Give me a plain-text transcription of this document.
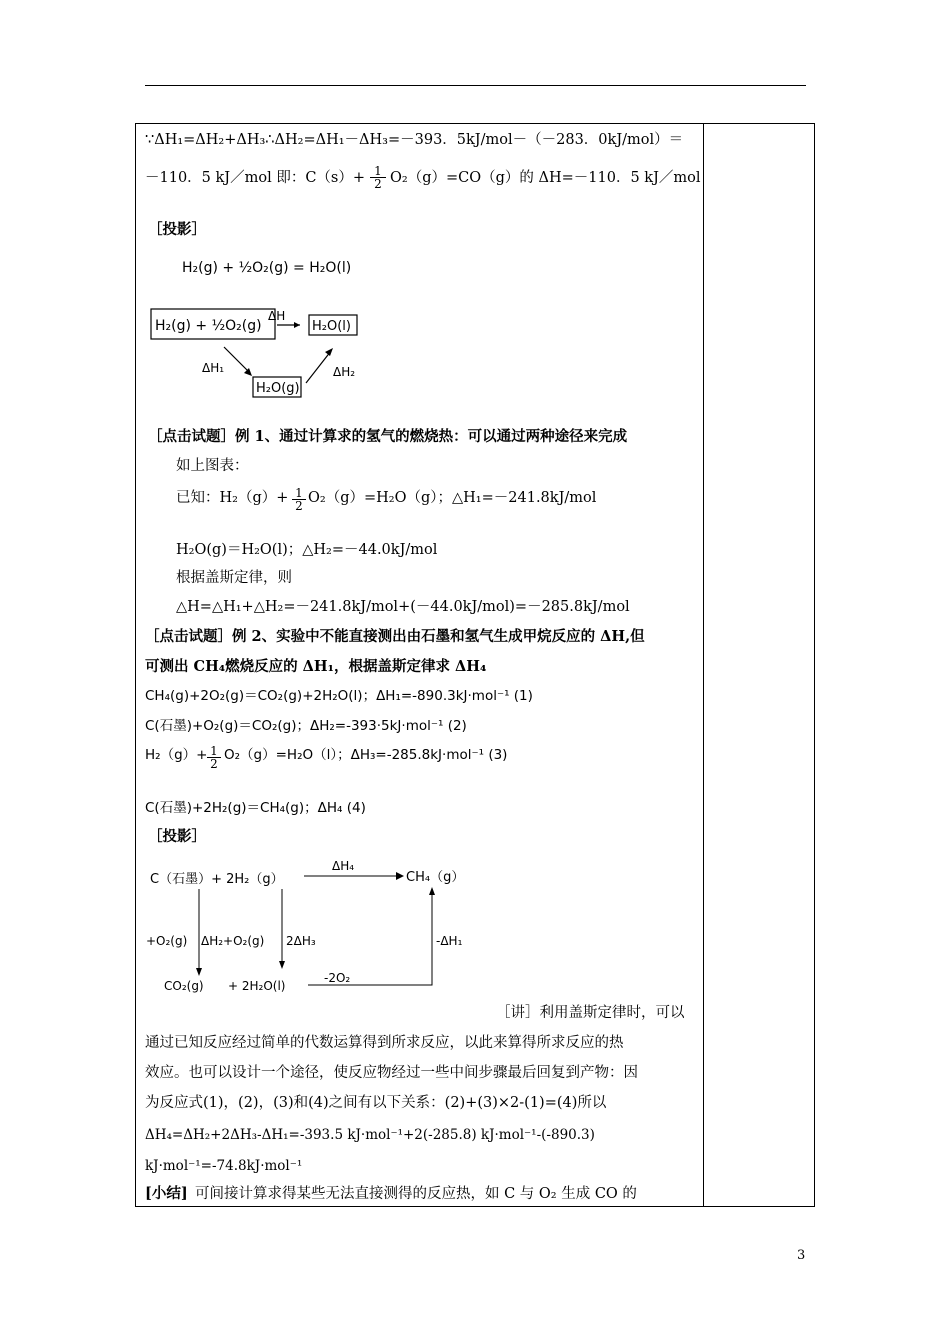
∵ΔH₁=ΔH₂+ΔH₃∴ΔH₂=ΔH₁－ΔH₃=－393．5kJ/mol－（－283．0kJ/mol）＝
－110．5 kJ／mol 即：$C(s)+ \frac{1}{2} O_2(g)=CO(g)$的 ΔH=－110．5 kJ／mol
［投影］
H₂(g) + ½O₂(g) = H₂O(l)
H₂(g) + ½O₂(g)
ΔH
H₂O(l)
ΔH₁
H₂O(g)
ΔH₂
［点击试题］例 1、通过计算求的氢气的燃烧热：可以通过两种途径来完成
如上图表：
已知：$H_2(g)+ \frac{1}{2} O_2(g)=H_2O(g)$；△H₁=－241.8kJ/mol
H₂O(g)＝H₂O(l)；△H₂=－44.0kJ/mol
根据盖斯定律，则
△H=△H₁+△H₂=－241.8kJ/mol+(－44.0kJ/mol)=－285.8kJ/mol
［点击试题］例 2、实验中不能直接测出由石墨和氢气生成甲烷反应的 ΔH,但
可测出 CH₄燃烧反应的 ΔH₁，根据盖斯定律求 ΔH₄
CH₄(g)+2O₂(g)＝CO₂(g)+2H₂O(l)；ΔH₁=-890.3kJ·mol⁻¹ (1)
C(石墨)+O₂(g)＝CO₂(g)；ΔH₂=-393·5kJ·mol⁻¹ (2)
$H_2(g)+ \frac{1}{2} O_2(g)=H_2O(l)$；ΔH₃=-285.8kJ·mol⁻¹ (3)
C(石墨)+2H₂(g)＝CH₄(g)；ΔH₄ (4)
［投影］
C（石墨）+ 2H₂（g）
ΔH₄
CH₄（g）
+O₂(g) ΔH₂+O₂(g) 2ΔH₃	-ΔH₁
CO₂(g) + 2H₂O(l)
-2O₂
［讲］利用盖斯定律时，可以
通过已知反应经过简单的代数运算得到所求反应，以此来算得所求反应的热
效应。也可以设计一个途径，使反应物经过一些中间步骤最后回复到产物：因
为反应式(1)，(2)，(3)和(4)之间有以下关系：(2)+(3)×2-(1)=(4)所以
ΔH₄=ΔH₂+2ΔH₃-ΔH₁=-393.5 kJ·mol⁻¹+2(-285.8) kJ·mol⁻¹-(-890.3)
kJ·mol⁻¹=-74.8kJ·mol⁻¹
[小结] 可间接计算求得某些无法直接测得的反应热，如 C 与 O₂ 生成 CO 的
3
